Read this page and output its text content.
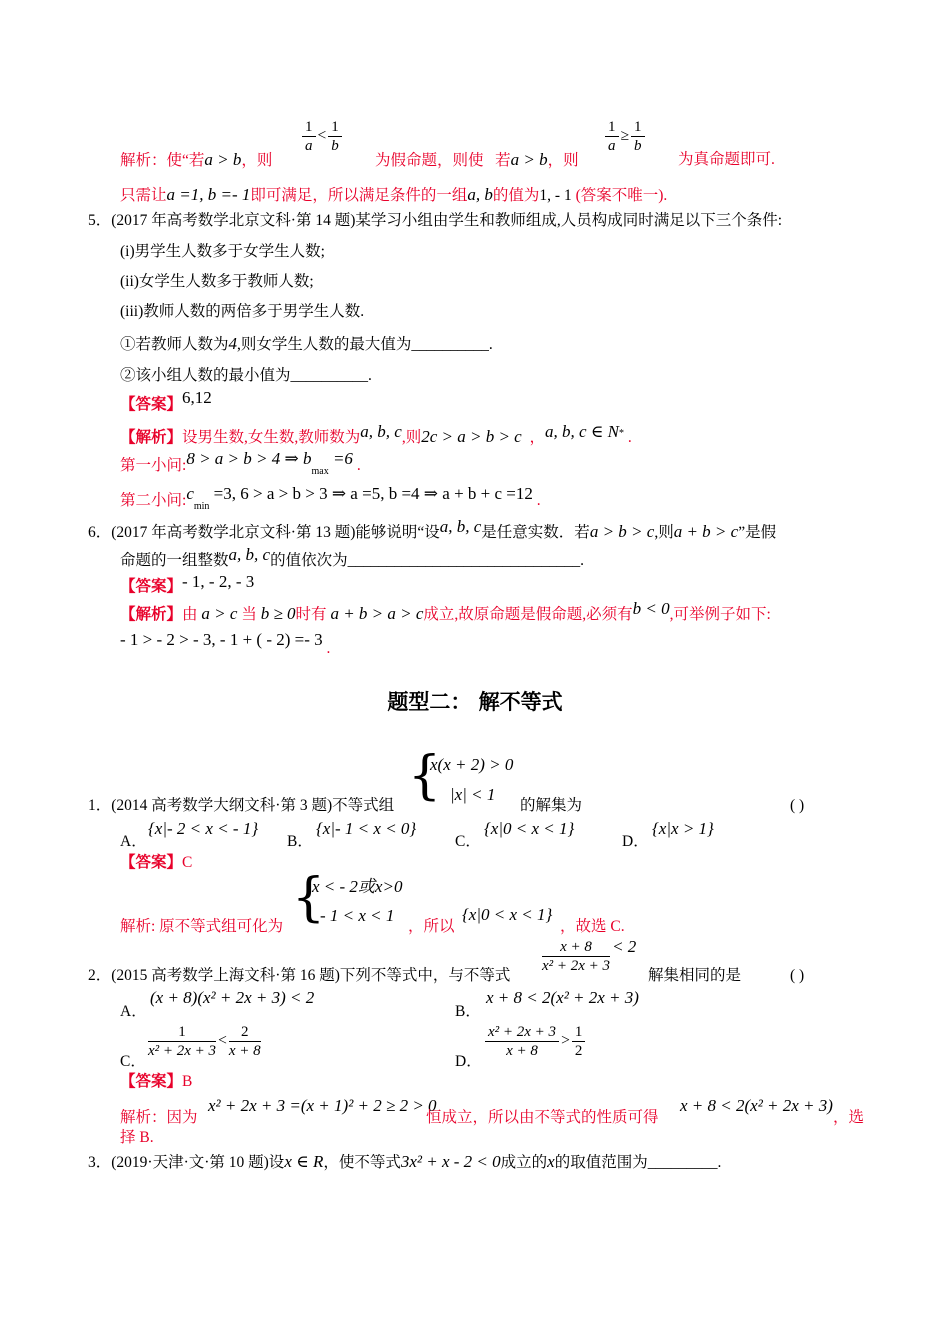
解析：使“若a > b，则
$\frac{1}{a} < \frac{1}{b}$
为假命题，则使 若a > b，则
$\frac{1}{a} \ge \frac{1}{b}$
为真命题即可.
只需让a =1, b =- 1即可满足，所以满足条件的一组a, b的值为1, - 1 (答案不唯一).
5．(2017 年高考数学北京文科·第 14 题)某学习小组由学生和教师组成,人员构成同时满足以下三个条件:
(i)男学生人数多于女学生人数;
(ii)女学生人数多于教师人数;
(iii)教师人数的两倍多于男学生人数.
①若教师人数为4,则女学生人数的最大值为__________.
②该小组人数的最小值为__________.
【答案】6,12
【解析】设男生数,女生数,教师数为a, b, c,则2c > a > b > c ，a, b, c ∈ N* .
第一小问:8 > a > b > 4 ⇒ $b_{max} =6$ .
第二小问$:c_{min} =3$, 6 > a > b > 3 ⇒ a =5, b =4 ⇒ a + b + c =12 .
6．(2017 年高考数学北京文科·第 13 题)能够说明“设a, b, c是任意实数．若a > b > c,则a + b > c”是假
命题的一组整数a, b, c的值依次为______________________________.
【答案】- 1, - 2, - 3
【解析】由 a > c 当 b ≥ 0时有 a + b > a > c成立,故原命题是假命题,必须有b < 0,可举例子如下:
- 1 > - 2 > - 3, - 1 + ( - 2) =- 3 .
题型二： 解不等式
{
x(x + 2) > 0
|x| < 1
1．(2014 高考数学大纲文科·第 3 题)不等式组	的解集为	( )
A．
{x|- 2 < x < - 1}
B．
{x|- 1 < x < 0}
C．
{x|0 < x < 1}
D．
{x|x > 1}
【答案】C
{
x < - 2或x>0
- 1 < x < 1
解析: 原不等式组可化为	，所以
{x|0 < x < 1}
，故选 C.
$\frac{x + 8}{\text{x² + 2x + 3}} < 2$
2．(2015 高考数学上海文科·第 16 题)下列不等式中，与不等式	解集相同的是	( )
A．
(x + 8)(x² + 2x + 3) < 2
B．
x + 8 < 2(x² + 2x + 3)
C．
$\frac{1}{\text{x² + 2x + 3}} < \frac{2}{x + 8}$
D．
$\frac{\text{x² + 2x + 3}}{x + 8} > \frac{1}{2}$
【答案】B
解析：因为
x² + 2x + 3 =(x + 1)² + 2 ≥ 2 > 0
恒成立，所以由不等式的性质可得
x + 8 < 2(x² + 2x + 3)
，选
择 B.
3．(2019·天津·文·第 10 题)设x ∈ R，使不等式3x² + x - 2 < 0成立的x的取值范围为_________.
